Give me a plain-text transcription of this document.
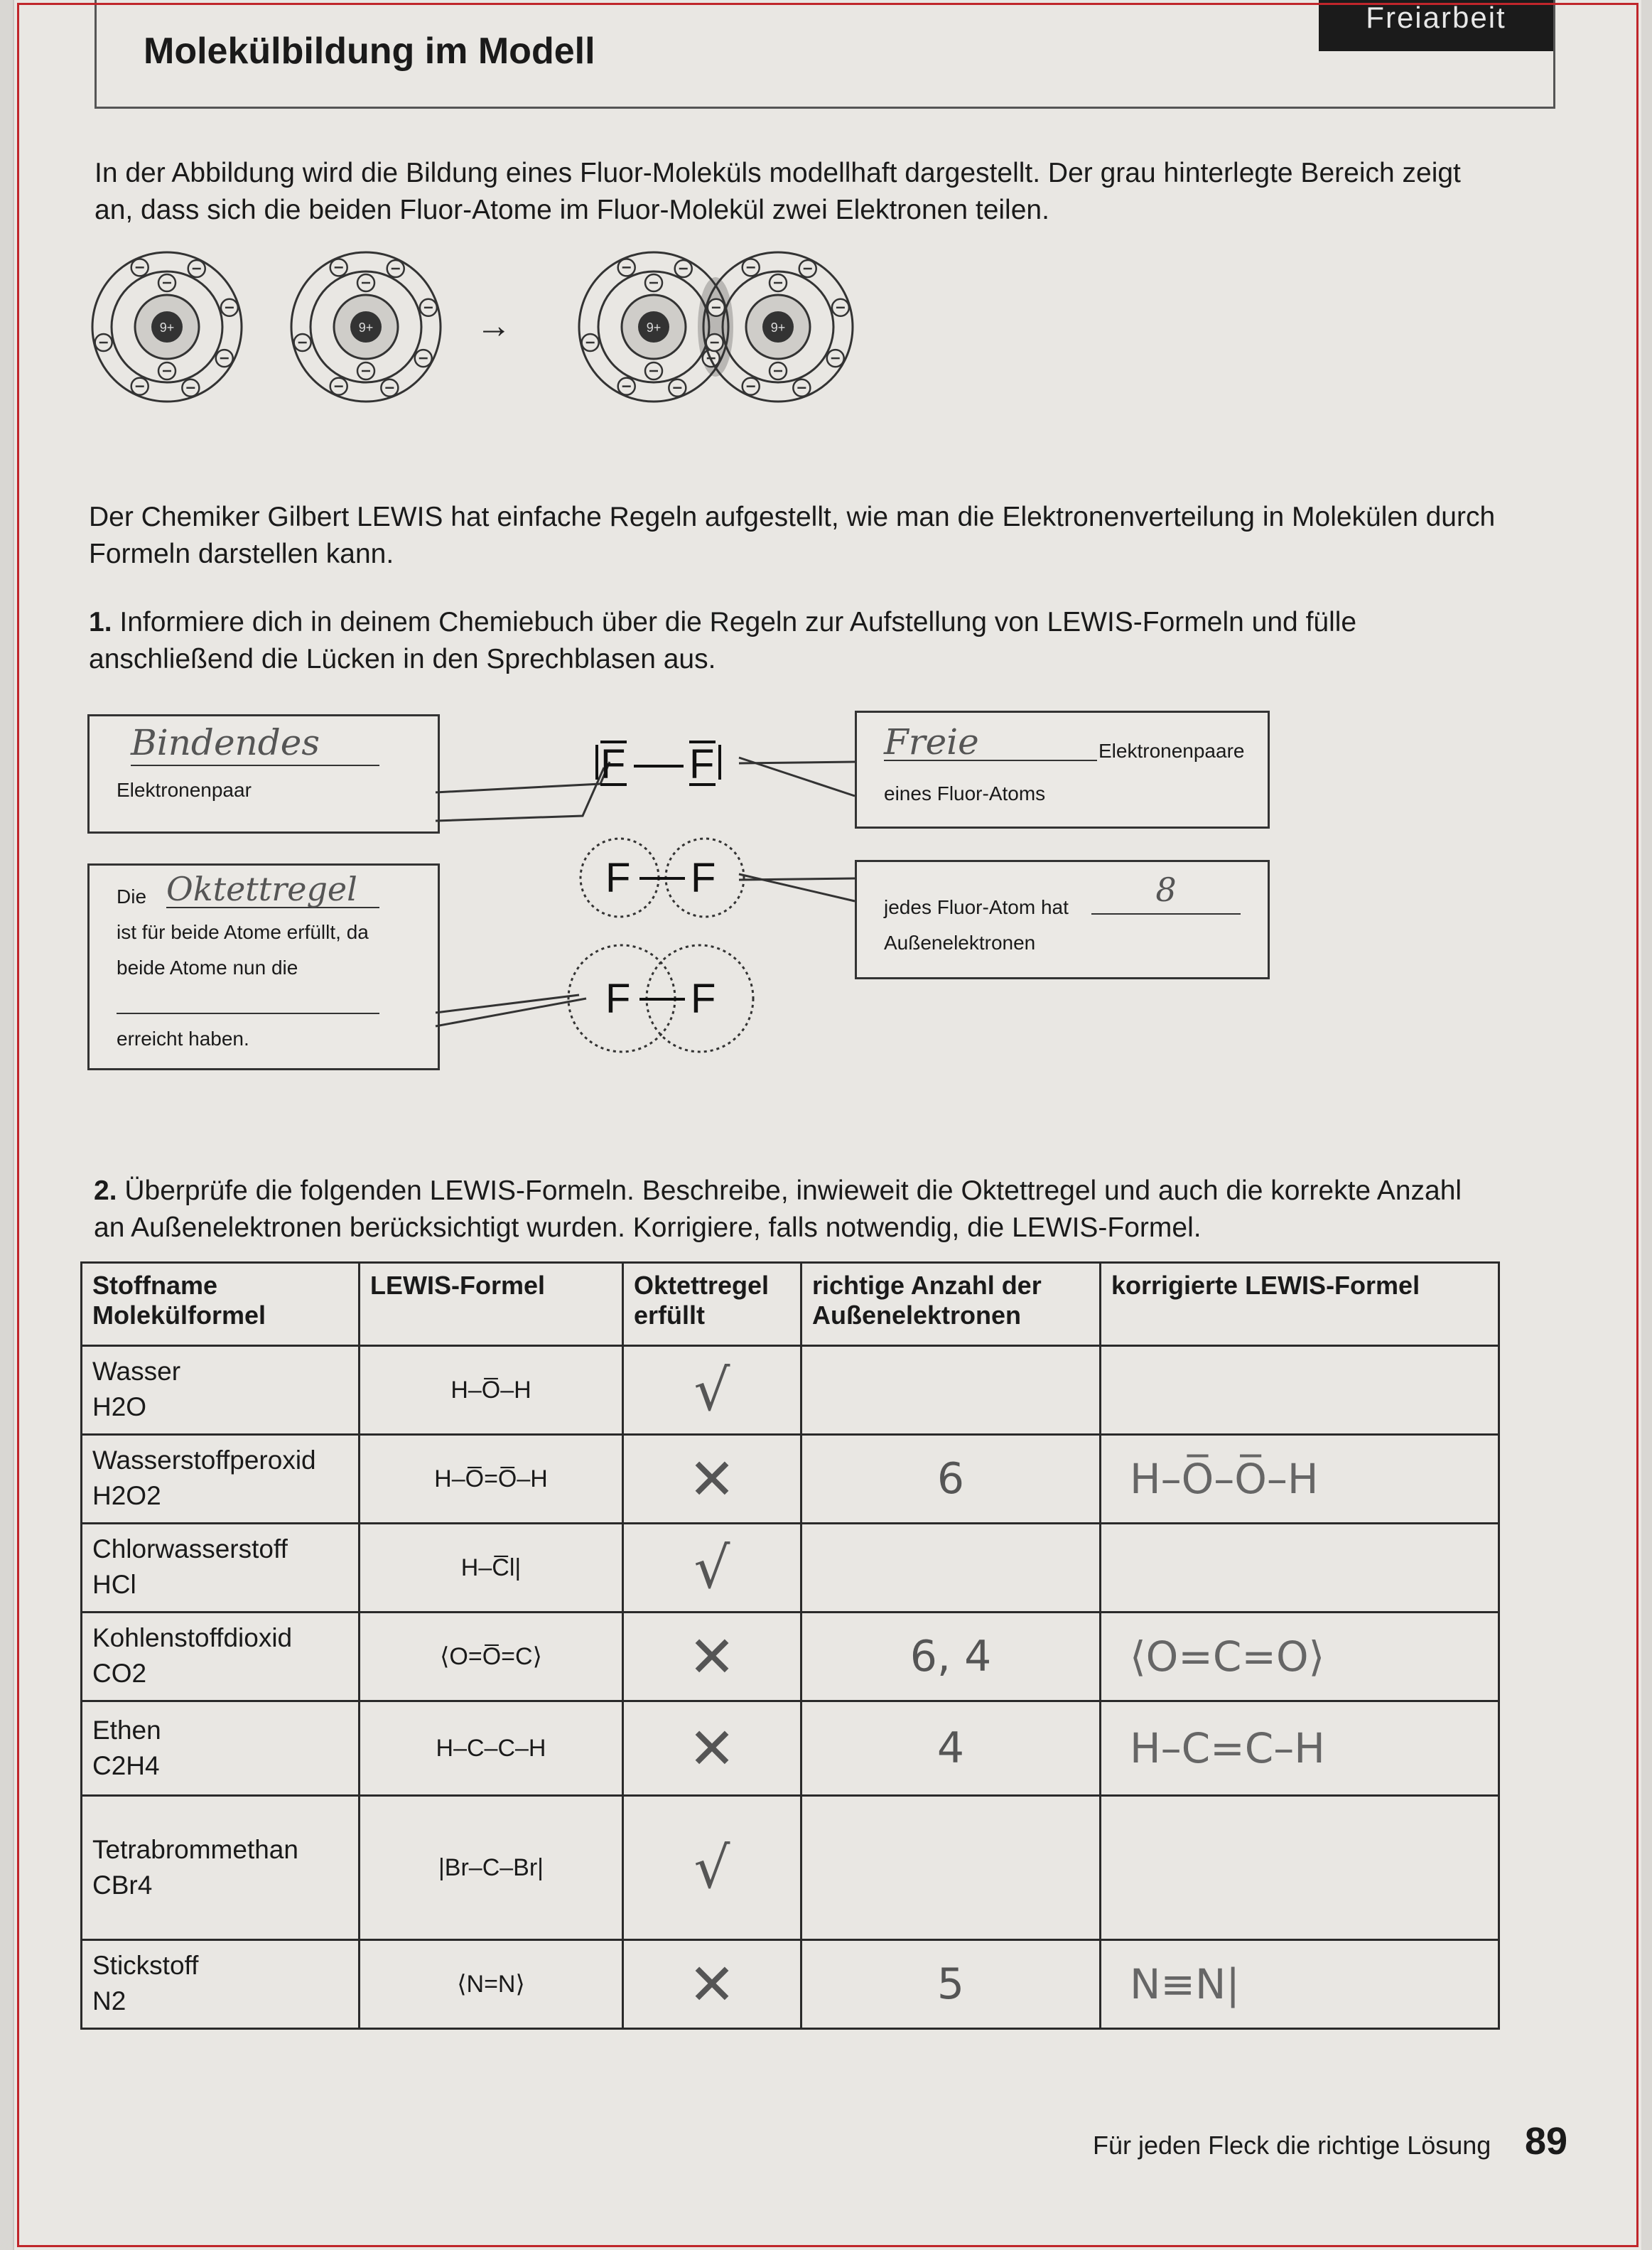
Molekülbildung im Modell
Freiarbeit
In der Abbildung wird die Bildung eines Fluor-Moleküls modellhaft dargestellt. Der grau hinterlegte Bereich zeigt an, dass sich die beiden Fluor-Atome im Fluor-Molekül zwei Elektronen teilen.
9+	9+	9+	9+
→
Der Chemiker Gilbert LEWIS hat einfache Regeln aufgestellt, wie man die Elektronenverteilung in Molekülen durch Formeln darstellen kann.
1. Informiere dich in deinem Chemiebuch über die Regeln zur Aufstellung von LEWIS-Formeln und fülle anschließend die Lücken in den Sprechblasen aus.
Bindendes
Elektronenpaar
Freie	Elektronenpaare
eines Fluor-Atoms
Die Oktettregel
ist für beide Atome erfüllt, da
beide Atome nun die
erreicht haben.
jedes Fluor-Atom hat	8
Außenelektronen
F F
F F
F F
2. Überprüfe die folgenden LEWIS-Formeln. Beschreibe, inwieweit die Oktettregel und auch die korrekte Anzahl an Außenelektronen berücksichtigt wurden. Korrigiere, falls notwendig, die LEWIS-Formel.
Stoffname
Molekülformel	LEWIS-Formel	Oktettregel erfüllt	richtige Anzahl der Außenelektronen	korrigierte LEWIS-Formel

Wasser
H2O	H–O̅–H	√		

Wasserstoffperoxid
H2O2	H–O̅=O̅–H	✕	6	H–O̅–O̅–H

Chlorwasserstoff
HCl	H–C̅l|	√		

Kohlenstoffdioxid
CO2	⟨O=O̅=C⟩	✕	6, 4	⟨O=C=O⟩

Ethen
C2H4	H–C–C–H	✕	4	H–C=C–H

Tetrabrommethan
CBr4	|Br–C–Br|	√		

Stickstoff
N2	⟨N=N⟩	✕	5	N≡N|
Für jeden Fleck die richtige Lösung 89
